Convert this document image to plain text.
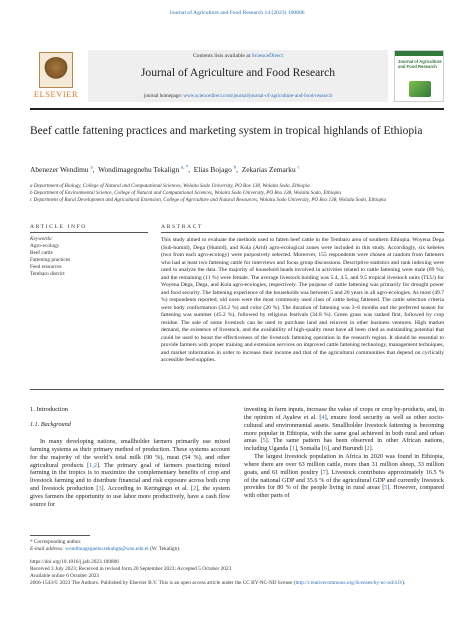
Journal of Agriculture and Food Research 14 (2023) 100806
ELSEVIER
Contents lists available at ScienceDirect
Journal of Agriculture and Food Research
journal homepage: www.sciencedirect.com/journal/journal-of-agriculture-and-food-research
Journal of Agriculture and Food Research
Beef cattle fattening practices and marketing system in tropical highlands of Ethiopia
Abenezer Wendimu $^a$,  Wondimagegnehu Tekalign $^{a, *}$,  Elias Bojago $^b$,  Zekarias Zemarku $^c$
a Department of Biology, College of Natural and Computational Sciences, Wolaita Sodo University, PO Box 138, Wolaita Sodo, Ethiopia
b Department of Environmental Science, College of Natural and Computational Sciences, Wolaita Sodo University, PO Box 138, Wolaita Sodo, Ethiopia
c Department of Rural Development and Agricultural Extension, College of Agriculture and Natural Resources, Wolaita Sodo University, PO Box 138, Wolaita Sodo, Ethiopia
ARTICLE INFO	ABSTRACT
Keywords:
Agro-ecology
Beef cattle
Fattening practices
Feed resources
Tembaro district
This study aimed to evaluate the methods used to fatten beef cattle in the Tembaro area of southern Ethiopia. Woyena Dega (Sub-humid), Dega (Humid), and Kola (Arid) agro-ecological zones were included in this study. Accordingly, six kebeles (two from each agro-ecology) were purposively selected. Moreover, 155 respondents were chosen at random from fatteners who had at least two fattening cattle for interviews and focus group discussions. Descriptive statistics and rank indexing were used to analyze the data. The majority of household heads involved in activities related to cattle fattening were male (89 %), and the remaining (11 %) were female. The average livestock holding was 5.4, 4.5, and 9.5 tropical livestock units (TLU) for Woyena Dega, Dega, and Kola agro-ecologies, respectively. The purpose of cattle fattening was primarily for drought power and food security. The fattening experience of the households was between 5 and 20 years in all agro-ecologies. As most (49.7 %) respondents reported, old oxen were the most commonly used class of cattle being fattened. The cattle selection criteria were body conformation (34.2 %) and color (20 %). The duration of fattening was 3–6 months and the preferred season for fattening was summer (45.2 %), followed by religious festivals (34.8 %). Green grass was ranked first, followed by crop residue. The sale of some livestock can be used to purchase land and reinvest in other business ventures. High market demand, the existence of livestock, and the availability of high-quality meat have all been cited as outstanding potential that could be used to boost the effectiveness of the livestock fattening operation in the research region. It should be essential to provide farmers with proper training and extension services on improved cattle fattening technology, management techniques, and market information in order to increase their income and that of the agricultural communities that depend on cyclically accessible feed supplies.
1. Introduction
1.1. Background
In many developing nations, smallholder farmers primarily use mixed farming systems as their primary method of production. These systems account for the majority of the world’s total milk (90 %), meat (54 %), and other agricultural products [1,2]. The primary goal of farmers practicing mixed farming in the tropics is to maximize the complementary benefits of crop and livestock farming and to distribute financial and risk exposure across both crop and livestock production [3]. According to Keringingo et al. [2], the system gives farmers the opportunity to use labor more productively, have a cash flow source for
investing in farm inputs, increase the value of crops or crop by-products, and, in the opinion of Ayalew et al. [4], ensure food security as well as other socio-cultural and environmental assets. Smallholder livestock fattening is becoming more popular in Ethiopia, with the same goal achieved in both rural and urban areas [5]. The same pattern has been observed in other African nations, including Uganda [1], Somalia [6], and Burundi [2].
The largest livestock population in Africa in 2020 was found in Ethiopia, where there are over 63 million cattle, more than 31 million sheep, 33 million goats, and 61 million poultry [7]. Livestock contributes approximately 16.5 % of the national GDP and 35.6 % of the agricultural GDP and currently livestock provides for 80 % of the people living in rural areas [5]. However, compared with other parts of
* Corresponding author.
E-mail address: wondimagegnehu.tekalign@wsu.edu.et (W. Tekalign).
https://doi.org/10.1016/j.jafr.2023.100806
Received 3 July 2023; Received in revised form 20 September 2023; Accepted 5 October 2023
Available online 6 October 2023
2666-1543/© 2023 The Authors. Published by Elsevier B.V. This is an open access article under the CC BY-NC-ND license (http://creativecommons.org/licenses/by-nc-nd/4.0/).
